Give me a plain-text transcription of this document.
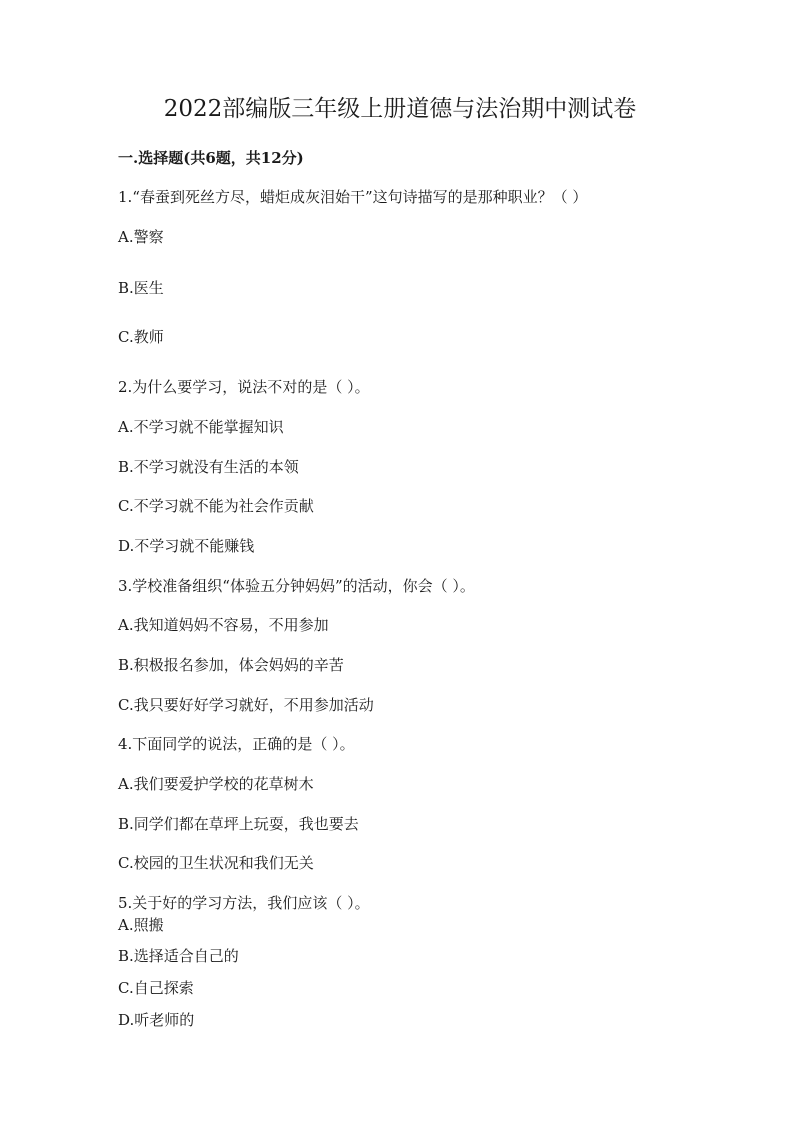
2022部编版三年级上册道德与法治期中测试卷
一.选择题(共6题，共12分)
1.“春蚕到死丝方尽，蜡炬成灰泪始干”这句诗描写的是那种职业？（ ）
A.警察
B.医生
C.教师
2.为什么要学习，说法不对的是（ ）。
A.不学习就不能掌握知识
B.不学习就没有生活的本领
C.不学习就不能为社会作贡献
D.不学习就不能赚钱
3.学校准备组织“体验五分钟妈妈”的活动，你会（ ）。
A.我知道妈妈不容易，不用参加
B.积极报名参加，体会妈妈的辛苦
C.我只要好好学习就好，不用参加活动
4.下面同学的说法，正确的是（ ）。
A.我们要爱护学校的花草树木
B.同学们都在草坪上玩耍，我也要去
C.校园的卫生状况和我们无关
5.关于好的学习方法，我们应该（ ）。
A.照搬
B.选择适合自己的
C.自己探索
D.听老师的
